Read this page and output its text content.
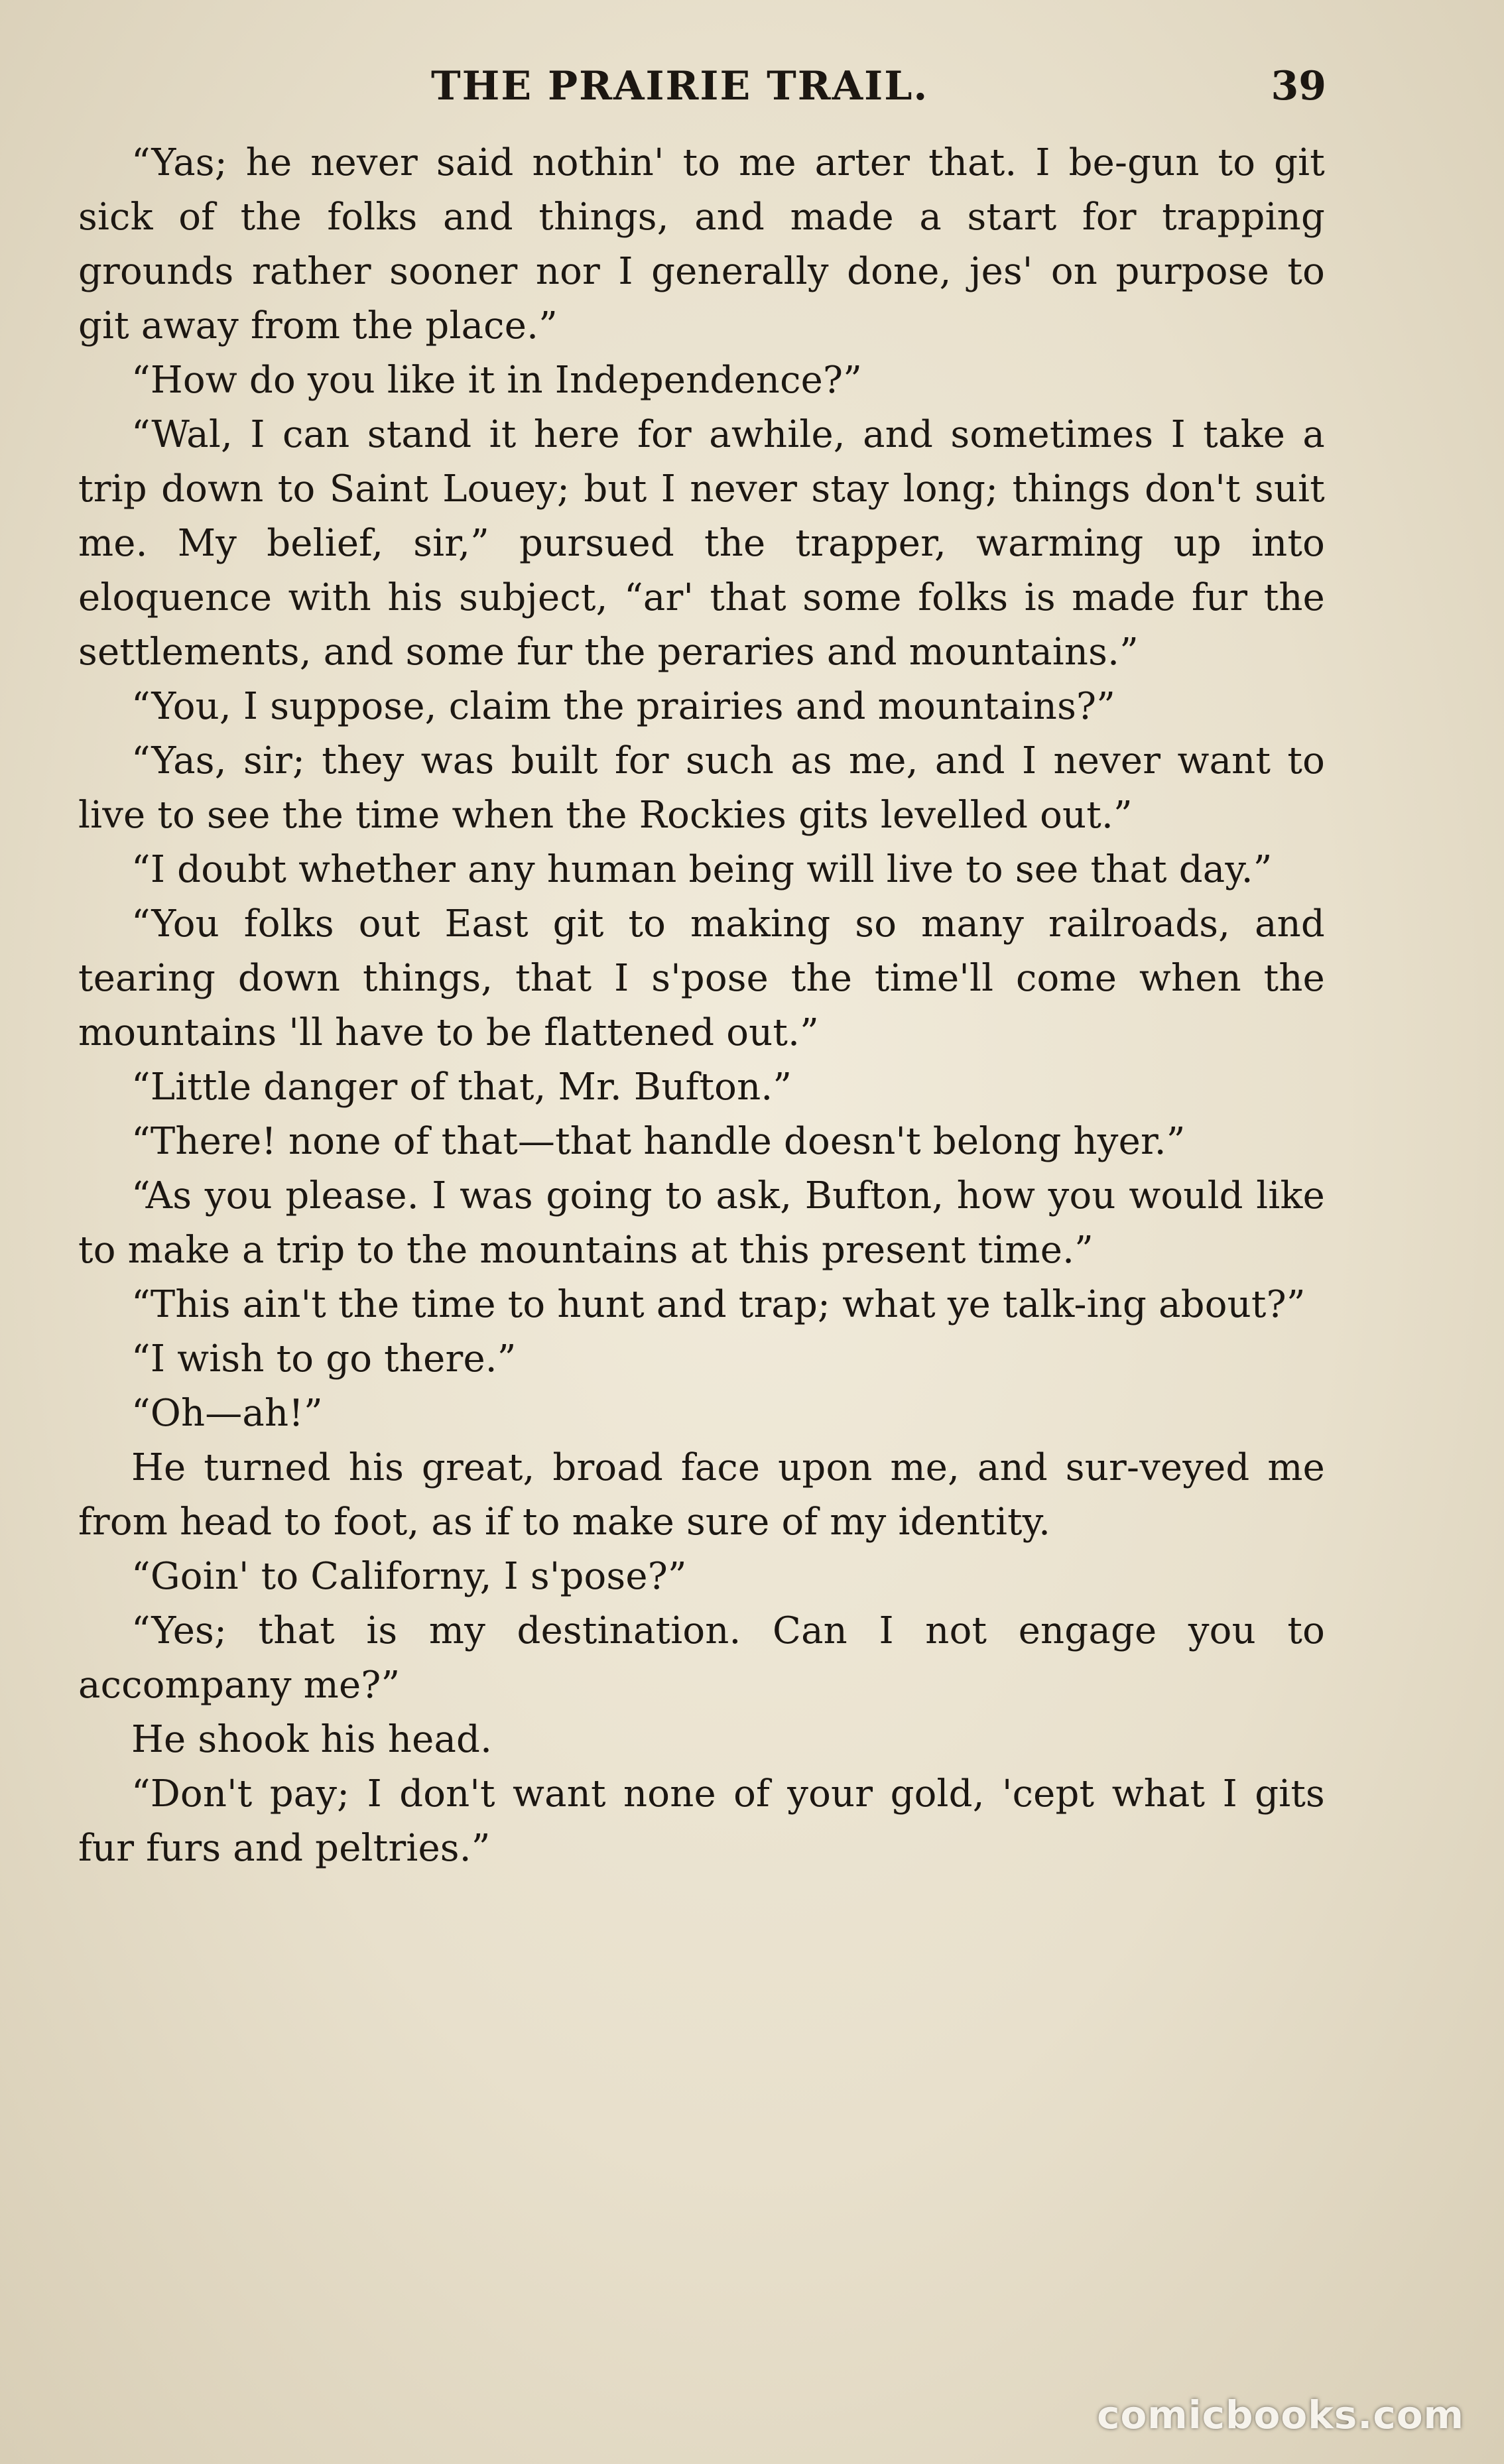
THE PRAIRIE TRAIL.	39

“Yas; he never said nothin' to me arter that. I be-gun to git sick of the folks and things, and made a start for trapping grounds rather sooner nor I generally done, jes' on purpose to git away from the place.”

“How do you like it in Independence?”

“Wal, I can stand it here for awhile, and sometimes I take a trip down to Saint Louey; but I never stay long; things don't suit me. My belief, sir,” pursued the trapper, warming up into eloquence with his subject, “ar' that some folks is made fur the settlements, and some fur the peraries and mountains.”

“You, I suppose, claim the prairies and mountains?”

“Yas, sir; they was built for such as me, and I never want to live to see the time when the Rockies gits levelled out.”

“I doubt whether any human being will live to see that day.”

“You folks out East git to making so many railroads, and tearing down things, that I s'pose the time'll come when the mountains 'll have to be flattened out.”

“Little danger of that, Mr. Bufton.”

“There! none of that—that handle doesn't belong hyer.”

“As you please. I was going to ask, Bufton, how you would like to make a trip to the mountains at this present time.”

“This ain't the time to hunt and trap; what ye talk-ing about?”

“I wish to go there.”

“Oh—ah!”

He turned his great, broad face upon me, and sur-veyed me from head to foot, as if to make sure of my identity.

“Goin' to Californy, I s'pose?”

“Yes; that is my destination. Can I not engage you to accompany me?”

He shook his head.

“Don't pay; I don't want none of your gold, 'cept what I gits fur furs and peltries.”

comicbooks.com
